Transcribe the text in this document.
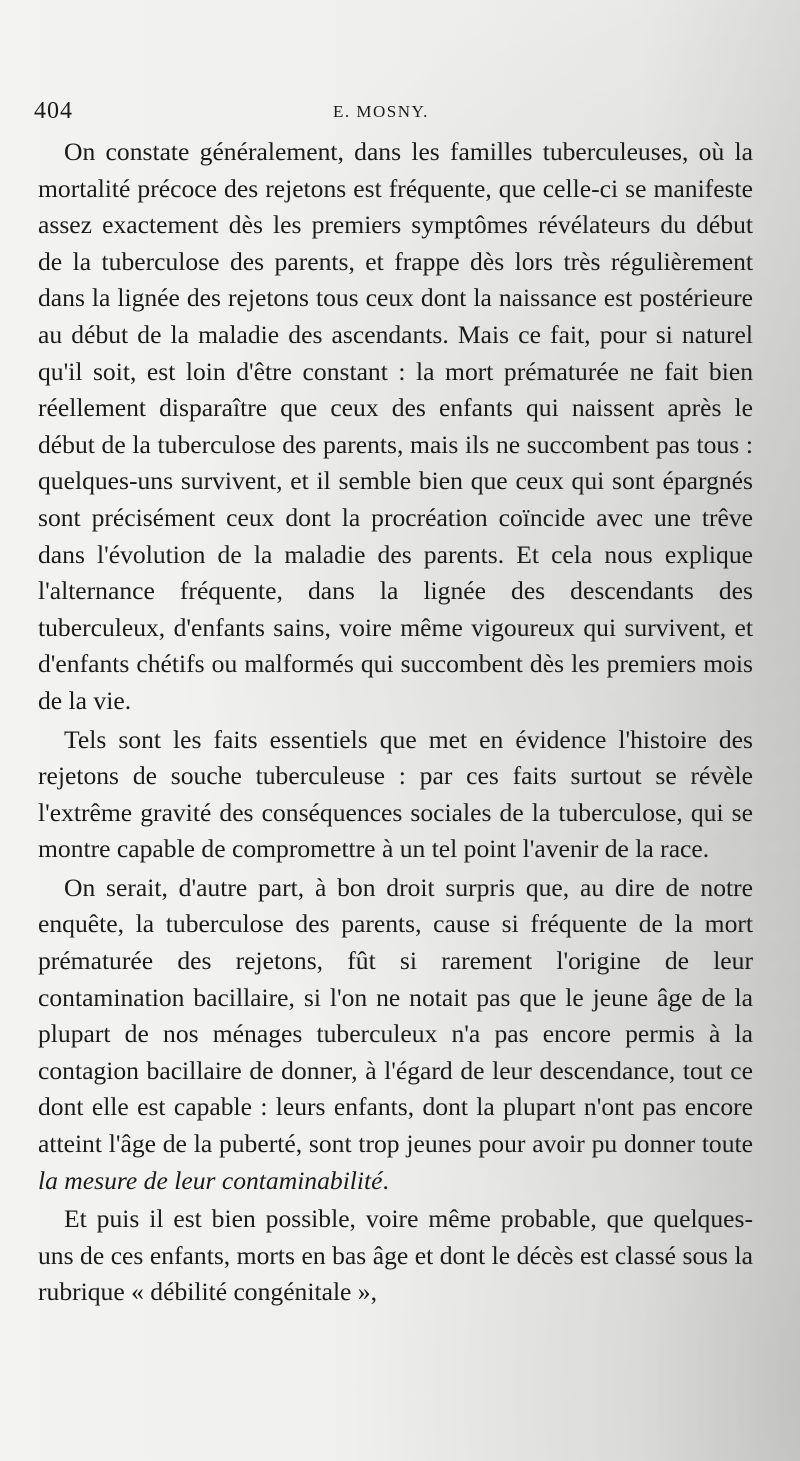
404	E. MOSNY.

On constate généralement, dans les familles tuberculeuses, où la mortalité précoce des rejetons est fréquente, que celle-ci se manifeste assez exactement dès les premiers symptômes révélateurs du début de la tuberculose des parents, et frappe dès lors très régulièrement dans la lignée des rejetons tous ceux dont la naissance est postérieure au début de la maladie des ascendants. Mais ce fait, pour si naturel qu'il soit, est loin d'être constant : la mort prématurée ne fait bien réellement disparaître que ceux des enfants qui naissent après le début de la tuberculose des parents, mais ils ne succombent pas tous : quelques-uns survivent, et il semble bien que ceux qui sont épargnés sont précisément ceux dont la procréation coïncide avec une trêve dans l'évolution de la maladie des parents. Et cela nous explique l'alternance fréquente, dans la lignée des descendants des tuberculeux, d'enfants sains, voire même vigoureux qui survivent, et d'enfants chétifs ou malformés qui succombent dès les premiers mois de la vie.

Tels sont les faits essentiels que met en évidence l'histoire des rejetons de souche tuberculeuse : par ces faits surtout se révèle l'extrême gravité des conséquences sociales de la tuberculose, qui se montre capable de compromettre à un tel point l'avenir de la race.

On serait, d'autre part, à bon droit surpris que, au dire de notre enquête, la tuberculose des parents, cause si fréquente de la mort prématurée des rejetons, fût si rarement l'origine de leur contamination bacillaire, si l'on ne notait pas que le jeune âge de la plupart de nos ménages tuberculeux n'a pas encore permis à la contagion bacillaire de donner, à l'égard de leur descendance, tout ce dont elle est capable : leurs enfants, dont la plupart n'ont pas encore atteint l'âge de la puberté, sont trop jeunes pour avoir pu donner toute la mesure de leur contaminabilité.

Et puis il est bien possible, voire même probable, que quelques-uns de ces enfants, morts en bas âge et dont le décès est classé sous la rubrique « débilité congénitale »,
